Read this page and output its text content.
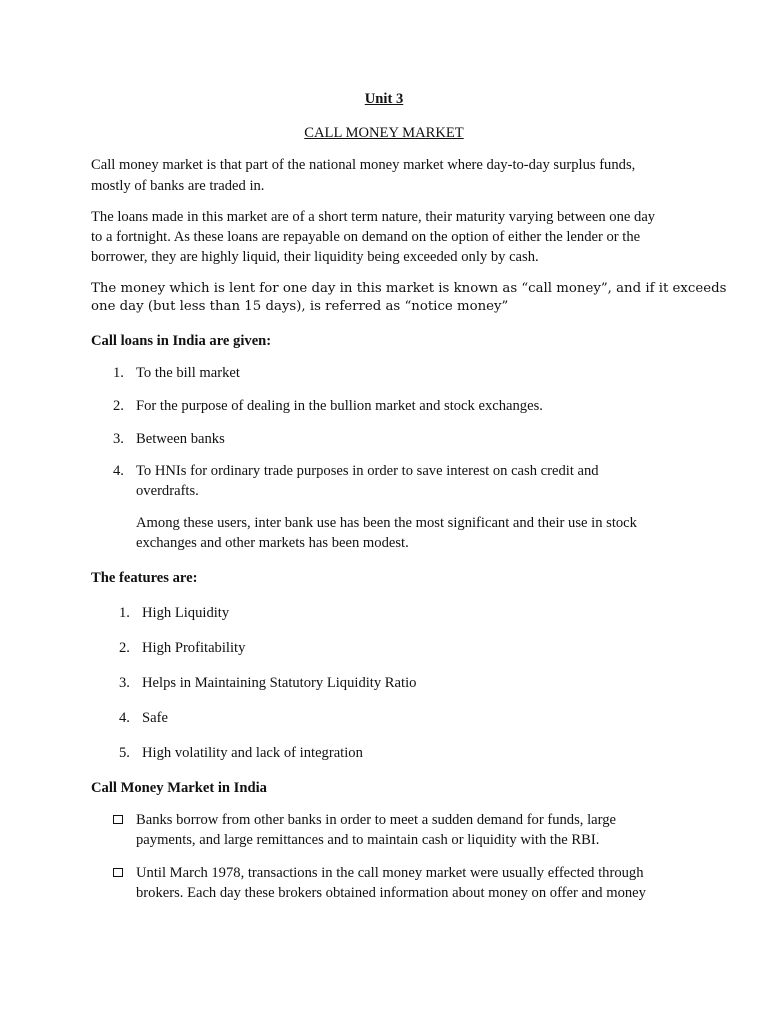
Unit 3
CALL MONEY MARKET
Call money market is that part of the national money market where day-to-day surplus funds,
mostly of banks are traded in.
The loans made in this market are of a short term nature, their maturity varying between one day
to a fortnight. As these loans are repayable on demand on the option of either the lender or the
borrower, they are highly liquid, their liquidity being exceeded only by cash.
The money which is lent for one day in this market is known as “call money”, and if it exceeds
one day (but less than 15 days), is referred as “notice money”
Call loans in India are given:
1. To the bill market
2. For the purpose of dealing in the bullion market and stock exchanges.
3. Between banks
4. To HNIs for ordinary trade purposes in order to save interest on cash credit and
overdrafts.
Among these users, inter bank use has been the most significant and their use in stock
exchanges and other markets has been modest.
The features are:
1. High Liquidity
2. High Profitability
3. Helps in Maintaining Statutory Liquidity Ratio
4. Safe
5. High volatility and lack of integration
Call Money Market in India
Banks borrow from other banks in order to meet a sudden demand for funds, large
payments, and large remittances and to maintain cash or liquidity with the RBI.
Until March 1978, transactions in the call money market were usually effected through
brokers. Each day these brokers obtained information about money on offer and money
